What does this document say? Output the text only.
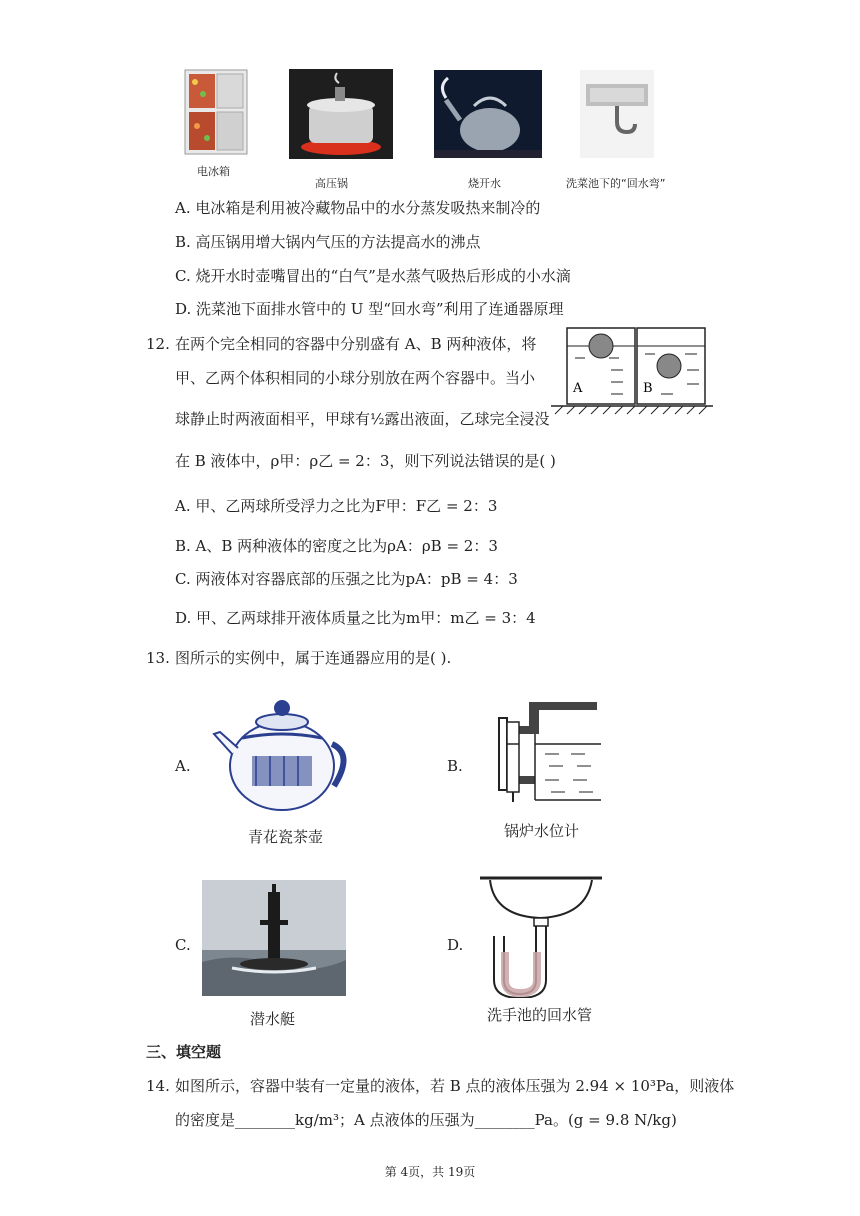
电冰箱
高压锅	烧开水	洗菜池下的“回水弯”
A. 电冰箱是利用被冷藏物品中的水分蒸发吸热来制冷的
B. 高压锅用增大锅内气压的方法提高水的沸点
C. 烧开水时壶嘴冒出的“白气”是水蒸气吸热后形成的小水滴
D. 洗菜池下面排水管中的 U 型“回水弯”利用了连通器原理
12. 在两个完全相同的容器中分别盛有 A、B 两种液体，将
甲、乙两个体积相同的小球分别放在两个容器中。当小
球静止时两液面相平，甲球有½露出液面，乙球完全浸没
在 B 液体中，ρ甲：ρ乙 = 2：3，则下列说法错误的是( )
A	B
A. 甲、乙两球所受浮力之比为F甲：F乙 = 2：3
B. A、B 两种液体的密度之比为ρA：ρB = 2：3
C. 两液体对容器底部的压强之比为pA：pB = 4：3
D. 甲、乙两球排开液体质量之比为m甲：m乙 = 3：4
13. 图所示的实例中，属于连通器应用的是( ).
A.
青花瓷茶壶
B.
锅炉水位计
C.
潜水艇
D.
洗手池的回水管
三、填空题
14. 如图所示，容器中装有一定量的液体，若 B 点的液体压强为 2.94 × 10³Pa，则液体
的密度是________kg/m³；A 点液体的压强为________Pa。(g = 9.8 N/kg)
第 4页，共 19页
